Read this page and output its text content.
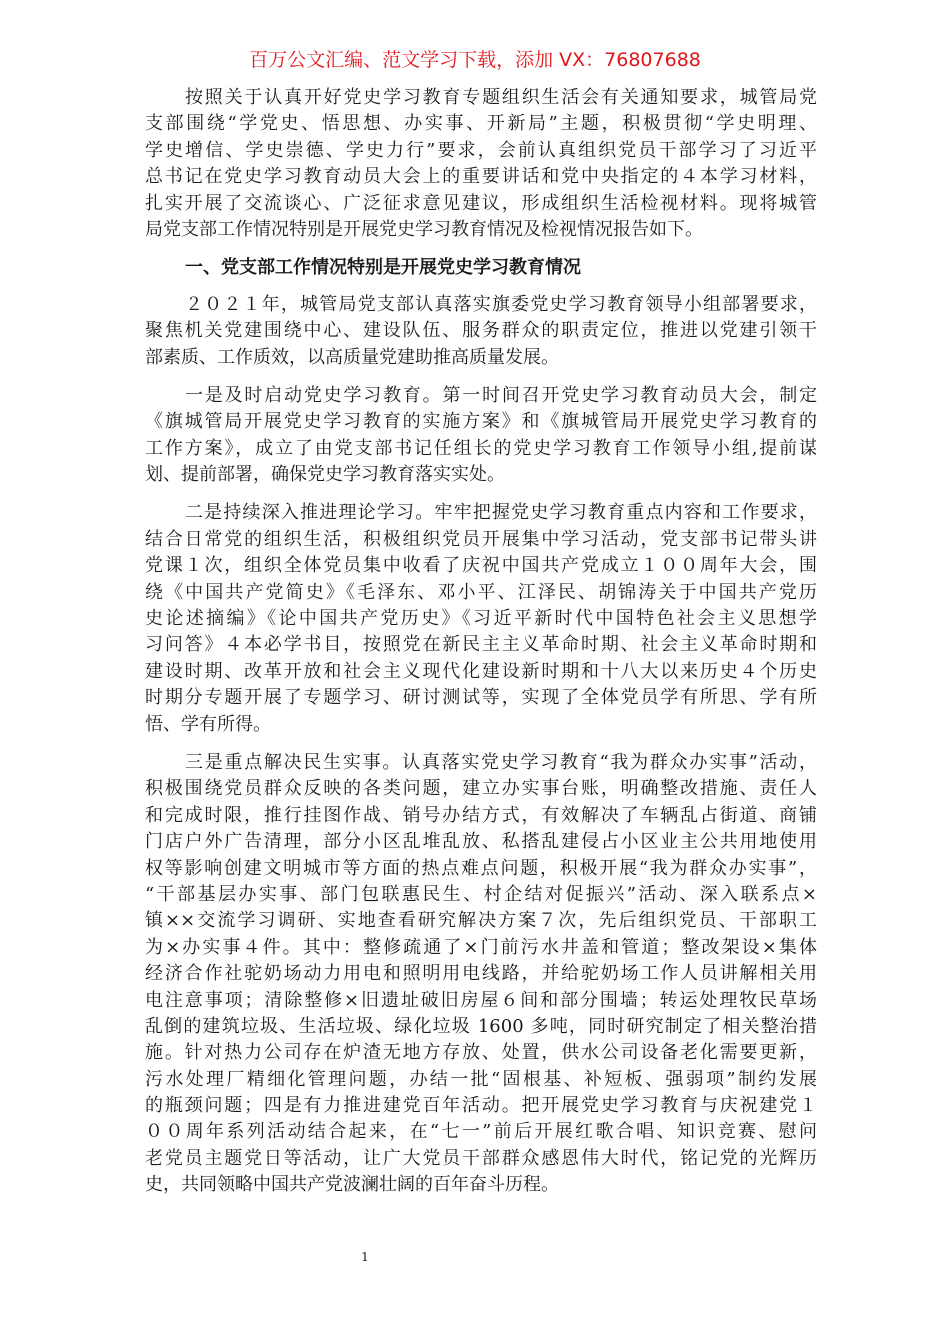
百万公文汇编、范文学习下载，添加 VX：76807688
按照关于认真开好党史学习教育专题组织生活会有关通知要求，城管局党
支部围绕“学党史、悟思想、办实事、开新局”主题，积极贯彻“学史明理、
学史增信、学史崇德、学史力行”要求，会前认真组织党员干部学习了习近平
总书记在党史学习教育动员大会上的重要讲话和党中央指定的４本学习材料，
扎实开展了交流谈心、广泛征求意见建议，形成组织生活检视材料。现将城管
局党支部工作情况特别是开展党史学习教育情况及检视情况报告如下。
一、党支部工作情况特别是开展党史学习教育情况
２０２１年，城管局党支部认真落实旗委党史学习教育领导小组部署要求，
聚焦机关党建围绕中心、建设队伍、服务群众的职责定位，推进以党建引领干
部素质、工作质效，以高质量党建助推高质量发展。
一是及时启动党史学习教育。第一时间召开党史学习教育动员大会，制定
《旗城管局开展党史学习教育的实施方案》和《旗城管局开展党史学习教育的
工作方案》，成立了由党支部书记任组长的党史学习教育工作领导小组,提前谋
划、提前部署，确保党史学习教育落实实处。
二是持续深入推进理论学习。牢牢把握党史学习教育重点内容和工作要求，
结合日常党的组织生活，积极组织党员开展集中学习活动，党支部书记带头讲
党课１次，组织全体党员集中收看了庆祝中国共产党成立１００周年大会，围
绕《中国共产党简史》《毛泽东、邓小平、江泽民、胡锦涛关于中国共产党历
史论述摘编》《论中国共产党历史》《习近平新时代中国特色社会主义思想学
习问答》４本必学书目，按照党在新民主主义革命时期、社会主义革命时期和
建设时期、改革开放和社会主义现代化建设新时期和十八大以来历史４个历史
时期分专题开展了专题学习、研讨测试等，实现了全体党员学有所思、学有所
悟、学有所得。
三是重点解决民生实事。认真落实党史学习教育“我为群众办实事”活动，
积极围绕党员群众反映的各类问题，建立办实事台账，明确整改措施、责任人
和完成时限，推行挂图作战、销号办结方式，有效解决了车辆乱占街道、商铺
门店户外广告清理，部分小区乱堆乱放、私搭乱建侵占小区业主公共用地使用
权等影响创建文明城市等方面的热点难点问题，积极开展“我为群众办实事”，
“干部基层办实事、部门包联惠民生、村企结对促振兴”活动、深入联系点×
镇××交流学习调研、实地查看研究解决方案７次，先后组织党员、干部职工
为×办实事４件。其中：整修疏通了×门前污水井盖和管道；整改架设×集体
经济合作社驼奶场动力用电和照明用电线路，并给驼奶场工作人员讲解相关用
电注意事项；清除整修×旧遗址破旧房屋６间和部分围墙；转运处理牧民草场
乱倒的建筑垃圾、生活垃圾、绿化垃圾 1600 多吨，同时研究制定了相关整治措
施。针对热力公司存在炉渣无地方存放、处置，供水公司设备老化需要更新，
污水处理厂精细化管理问题，办结一批“固根基、补短板、强弱项”制约发展
的瓶颈问题；四是有力推进建党百年活动。把开展党史学习教育与庆祝建党１
００周年系列活动结合起来，在“七一”前后开展红歌合唱、知识竞赛、慰问
老党员主题党日等活动，让广大党员干部群众感恩伟大时代，铭记党的光辉历
史，共同领略中国共产党波澜壮阔的百年奋斗历程。
1
